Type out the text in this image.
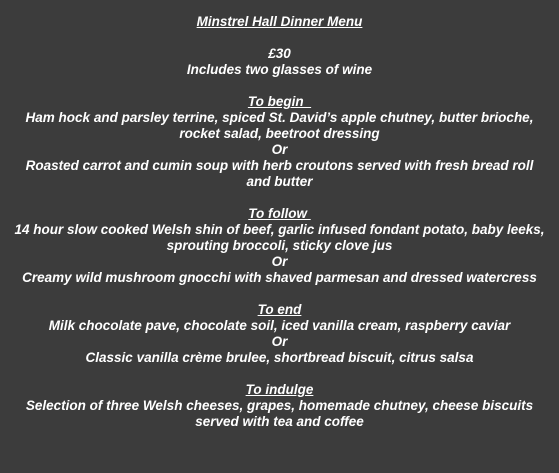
Minstrel Hall Dinner Menu
£30
Includes two glasses of wine
To begin
Ham hock and parsley terrine, spiced St. David’s apple chutney, butter brioche, rocket salad, beetroot dressing
Or
Roasted carrot and cumin soup with herb croutons served with fresh bread roll and butter
To follow
14 hour slow cooked Welsh shin of beef, garlic infused fondant potato, baby leeks, sprouting broccoli, sticky clove jus
Or
Creamy wild mushroom gnocchi with shaved parmesan and dressed watercress
To end
Milk chocolate pave, chocolate soil, iced vanilla cream, raspberry caviar
Or
Classic vanilla crème brulee, shortbread biscuit, citrus salsa
To indulge
Selection of three Welsh cheeses, grapes, homemade chutney, cheese biscuits served with tea and coffee
